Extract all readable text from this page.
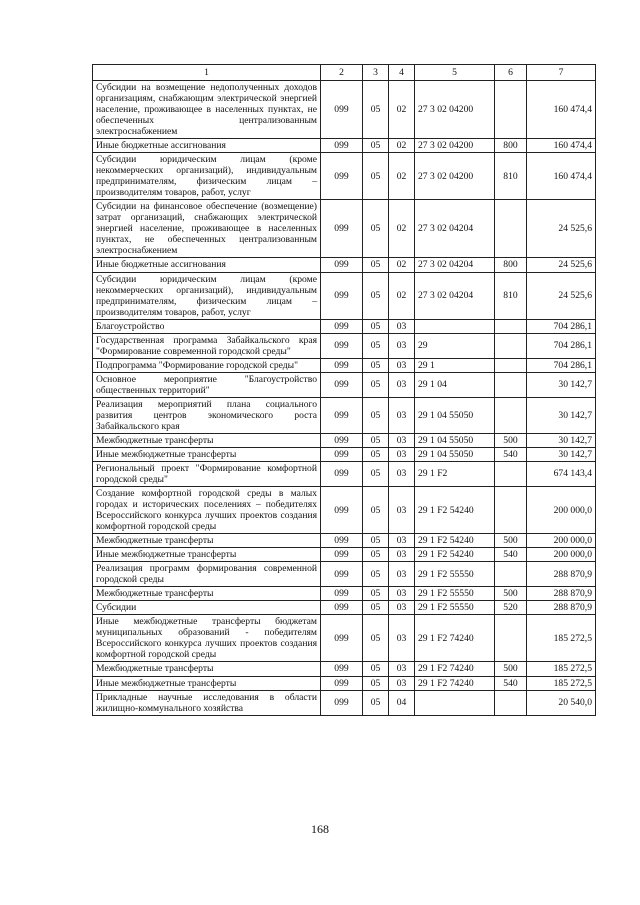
1	2	3	4	5	6	7
Субсидии на возмещение недополученных доходов организациям, снабжающим электрической энергией население, проживающее в населенных пунктах, не обеспеченных централизованным электроснабжением	099	05	02	27 3 02 04200		160 474,4
Иные бюджетные ассигнования	099	05	02	27 3 02 04200	800	160 474,4
Субсидии юридическим лицам (кроме некоммерческих организаций), индивидуальным предпринимателям, физическим лицам – производителям товаров, работ, услуг	099	05	02	27 3 02 04200	810	160 474,4
Субсидии на финансовое обеспечение (возмещение) затрат организаций, снабжающих электрической энергией население, проживающее в населенных пунктах, не обеспеченных централизованным электроснабжением	099	05	02	27 3 02 04204		24 525,6
Иные бюджетные ассигнования	099	05	02	27 3 02 04204	800	24 525,6
Субсидии юридическим лицам (кроме некоммерческих организаций), индивидуальным предпринимателям, физическим лицам – производителям товаров, работ, услуг	099	05	02	27 3 02 04204	810	24 525,6
Благоустройство	099	05	03			704 286,1
Государственная программа Забайкальского края "Формирование современной городской среды"	099	05	03	29		704 286,1
Подпрограмма "Формирование городской среды"	099	05	03	29 1		704 286,1
Основное мероприятие "Благоустройство общественных территорий"	099	05	03	29 1 04		30 142,7
Реализация мероприятий плана социального развития центров экономического роста Забайкальского края	099	05	03	29 1 04 55050		30 142,7
Межбюджетные трансферты	099	05	03	29 1 04 55050	500	30 142,7
Иные межбюджетные трансферты	099	05	03	29 1 04 55050	540	30 142,7
Региональный проект "Формирование комфортной городской среды"	099	05	03	29 1 F2		674 143,4
Создание комфортной городской среды в малых городах и исторических поселениях – победителях Всероссийского конкурса лучших проектов создания комфортной городской среды	099	05	03	29 1 F2 54240		200 000,0
Межбюджетные трансферты	099	05	03	29 1 F2 54240	500	200 000,0
Иные межбюджетные трансферты	099	05	03	29 1 F2 54240	540	200 000,0
Реализация программ формирования современной городской среды	099	05	03	29 1 F2 55550		288 870,9
Межбюджетные трансферты	099	05	03	29 1 F2 55550	500	288 870,9
Субсидии	099	05	03	29 1 F2 55550	520	288 870,9
Иные межбюджетные трансферты бюджетам муниципальных образований - победителям Всероссийского конкурса лучших проектов создания комфортной городской среды	099	05	03	29 1 F2 74240		185 272,5
Межбюджетные трансферты	099	05	03	29 1 F2 74240	500	185 272,5
Иные межбюджетные трансферты	099	05	03	29 1 F2 74240	540	185 272,5
Прикладные научные исследования в области жилищно-коммунального хозяйства	099	05	04			20 540,0
168
